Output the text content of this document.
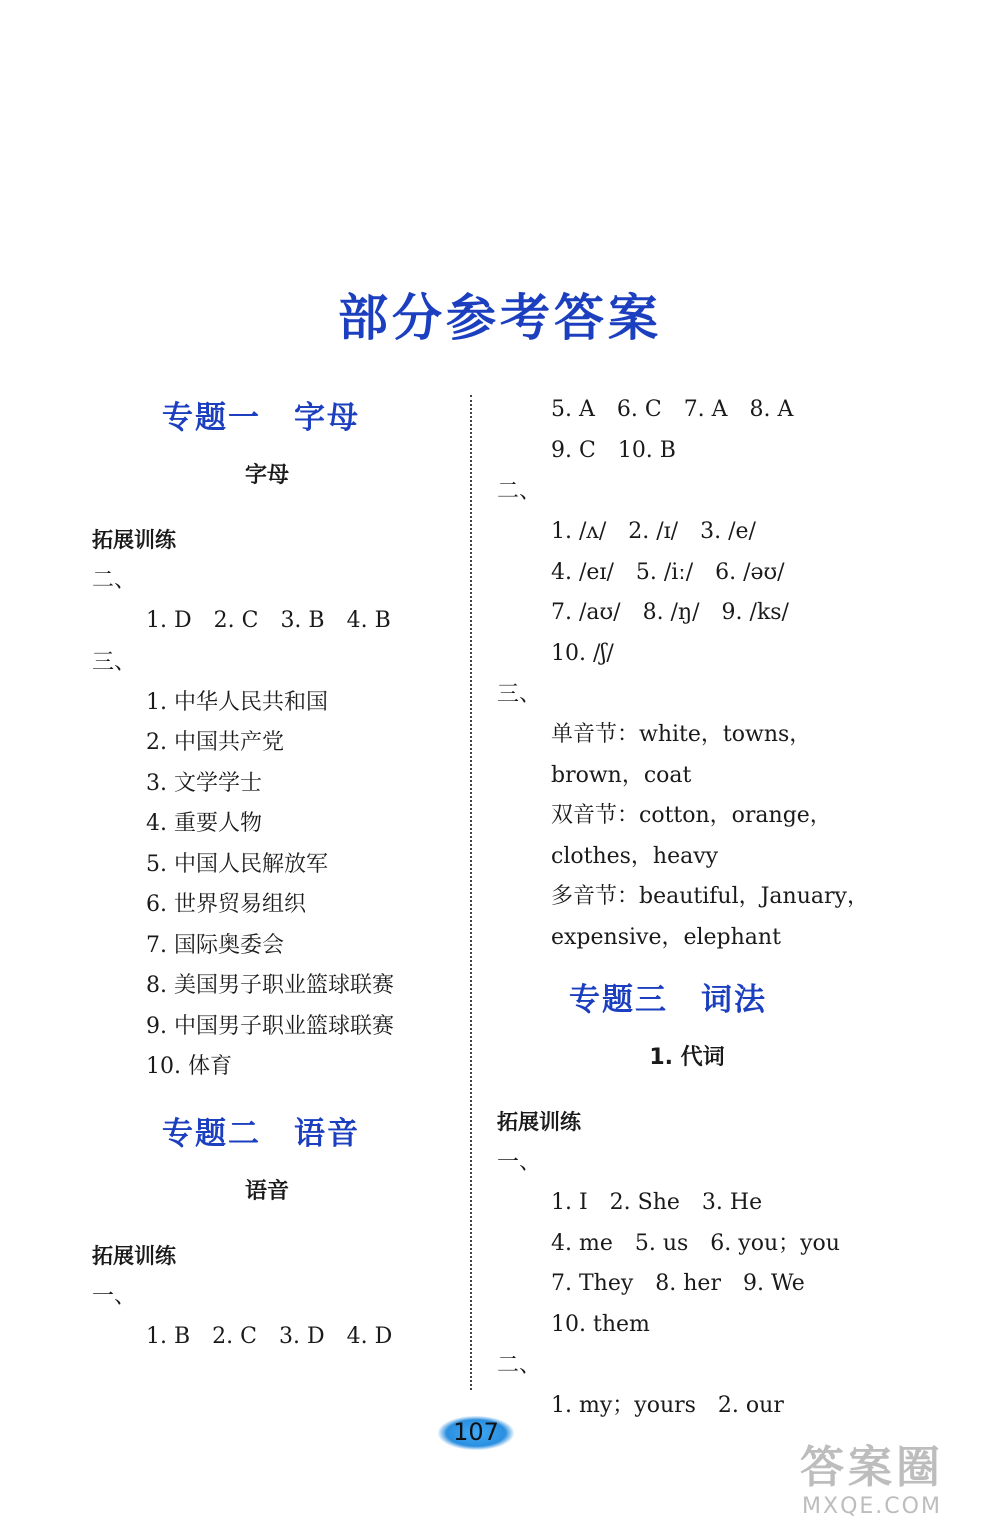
部分参考答案
专题一　字母
字母
拓展训练
二、
1. D　2. C　3. B　4. B
三、
1. 中华人民共和国
2. 中国共产党
3. 文学学士
4. 重要人物
5. 中国人民解放军
6. 世界贸易组织
7. 国际奥委会
8. 美国男子职业篮球联赛
9. 中国男子职业篮球联赛
10. 体育
专题二　语音
语音
拓展训练
一、
1. B　2. C　3. D　4. D
5. A　6. C　7. A　8. A
9. C　10. B
二、
1. /ʌ/　2. /ɪ/　3. /e/
4. /eɪ/　5. /iː/　6. /əʊ/
7. /aʊ/　8. /ŋ/　9. /ks/
10. /ʃ/
三、
单音节：white，towns，
brown，coat
双音节：cotton，orange，
clothes，heavy
多音节：beautiful，January，
expensive，elephant
专题三　词法
1. 代词
拓展训练
一、
1. I　2. She　3. He
4. me　5. us　6. you；you
7. They　8. her　9. We
10. them
二、
1. my；yours　2. our
107
答案圈
MXQE.COM
